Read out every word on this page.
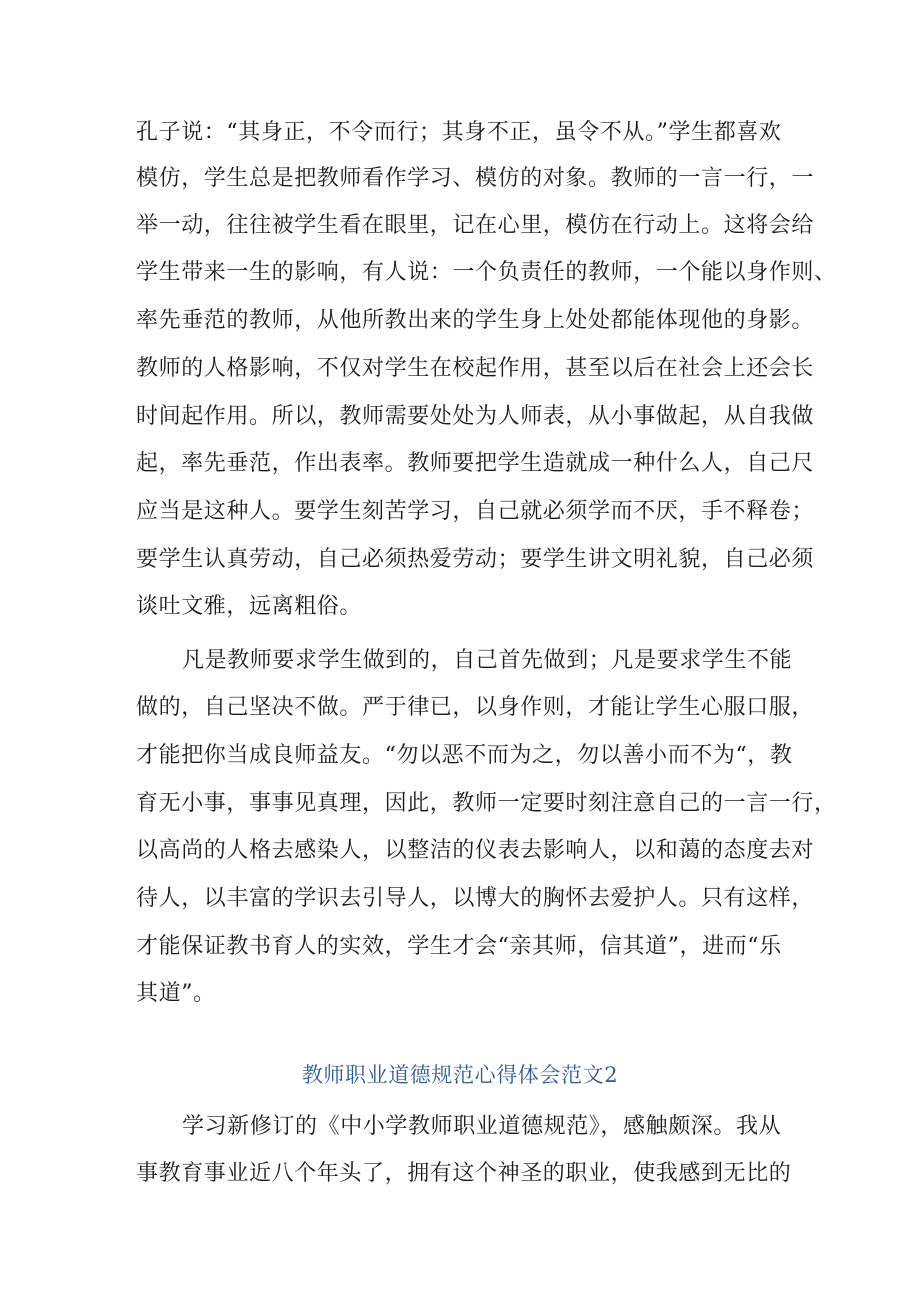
孔子说：“其身正，不令而行；其身不正，虽令不从。”学生都喜欢
模仿，学生总是把教师看作学习、模仿的对象。教师的一言一行，一
举一动，往往被学生看在眼里，记在心里，模仿在行动上。这将会给
学生带来一生的影响，有人说：一个负责任的教师，一个能以身作则、
率先垂范的教师，从他所教出来的学生身上处处都能体现他的身影。
教师的人格影响，不仅对学生在校起作用，甚至以后在社会上还会长
时间起作用。所以，教师需要处处为人师表，从小事做起，从自我做
起，率先垂范，作出表率。教师要把学生造就成一种什么人，自己尺
应当是这种人。要学生刻苦学习，自己就必须学而不厌，手不释卷；
要学生认真劳动，自己必须热爱劳动；要学生讲文明礼貌，自己必须
谈吐文雅，远离粗俗。
凡是教师要求学生做到的，自己首先做到；凡是要求学生不能
做的，自己坚决不做。严于律已，以身作则，才能让学生心服口服，
才能把你当成良师益友。“勿以恶不而为之，勿以善小而不为“，教
育无小事，事事见真理，因此，教师一定要时刻注意自己的一言一行，
以高尚的人格去感染人，以整洁的仪表去影响人，以和蔼的态度去对
待人，以丰富的学识去引导人，以博大的胸怀去爱护人。只有这样，
才能保证教书育人的实效，学生才会“亲其师，信其道”，进而“乐
其道”。
教师职业道德规范心得体会范文2
学习新修订的《中小学教师职业道德规范》，感触颇深。我从
事教育事业近八个年头了，拥有这个神圣的职业，使我感到无比的
